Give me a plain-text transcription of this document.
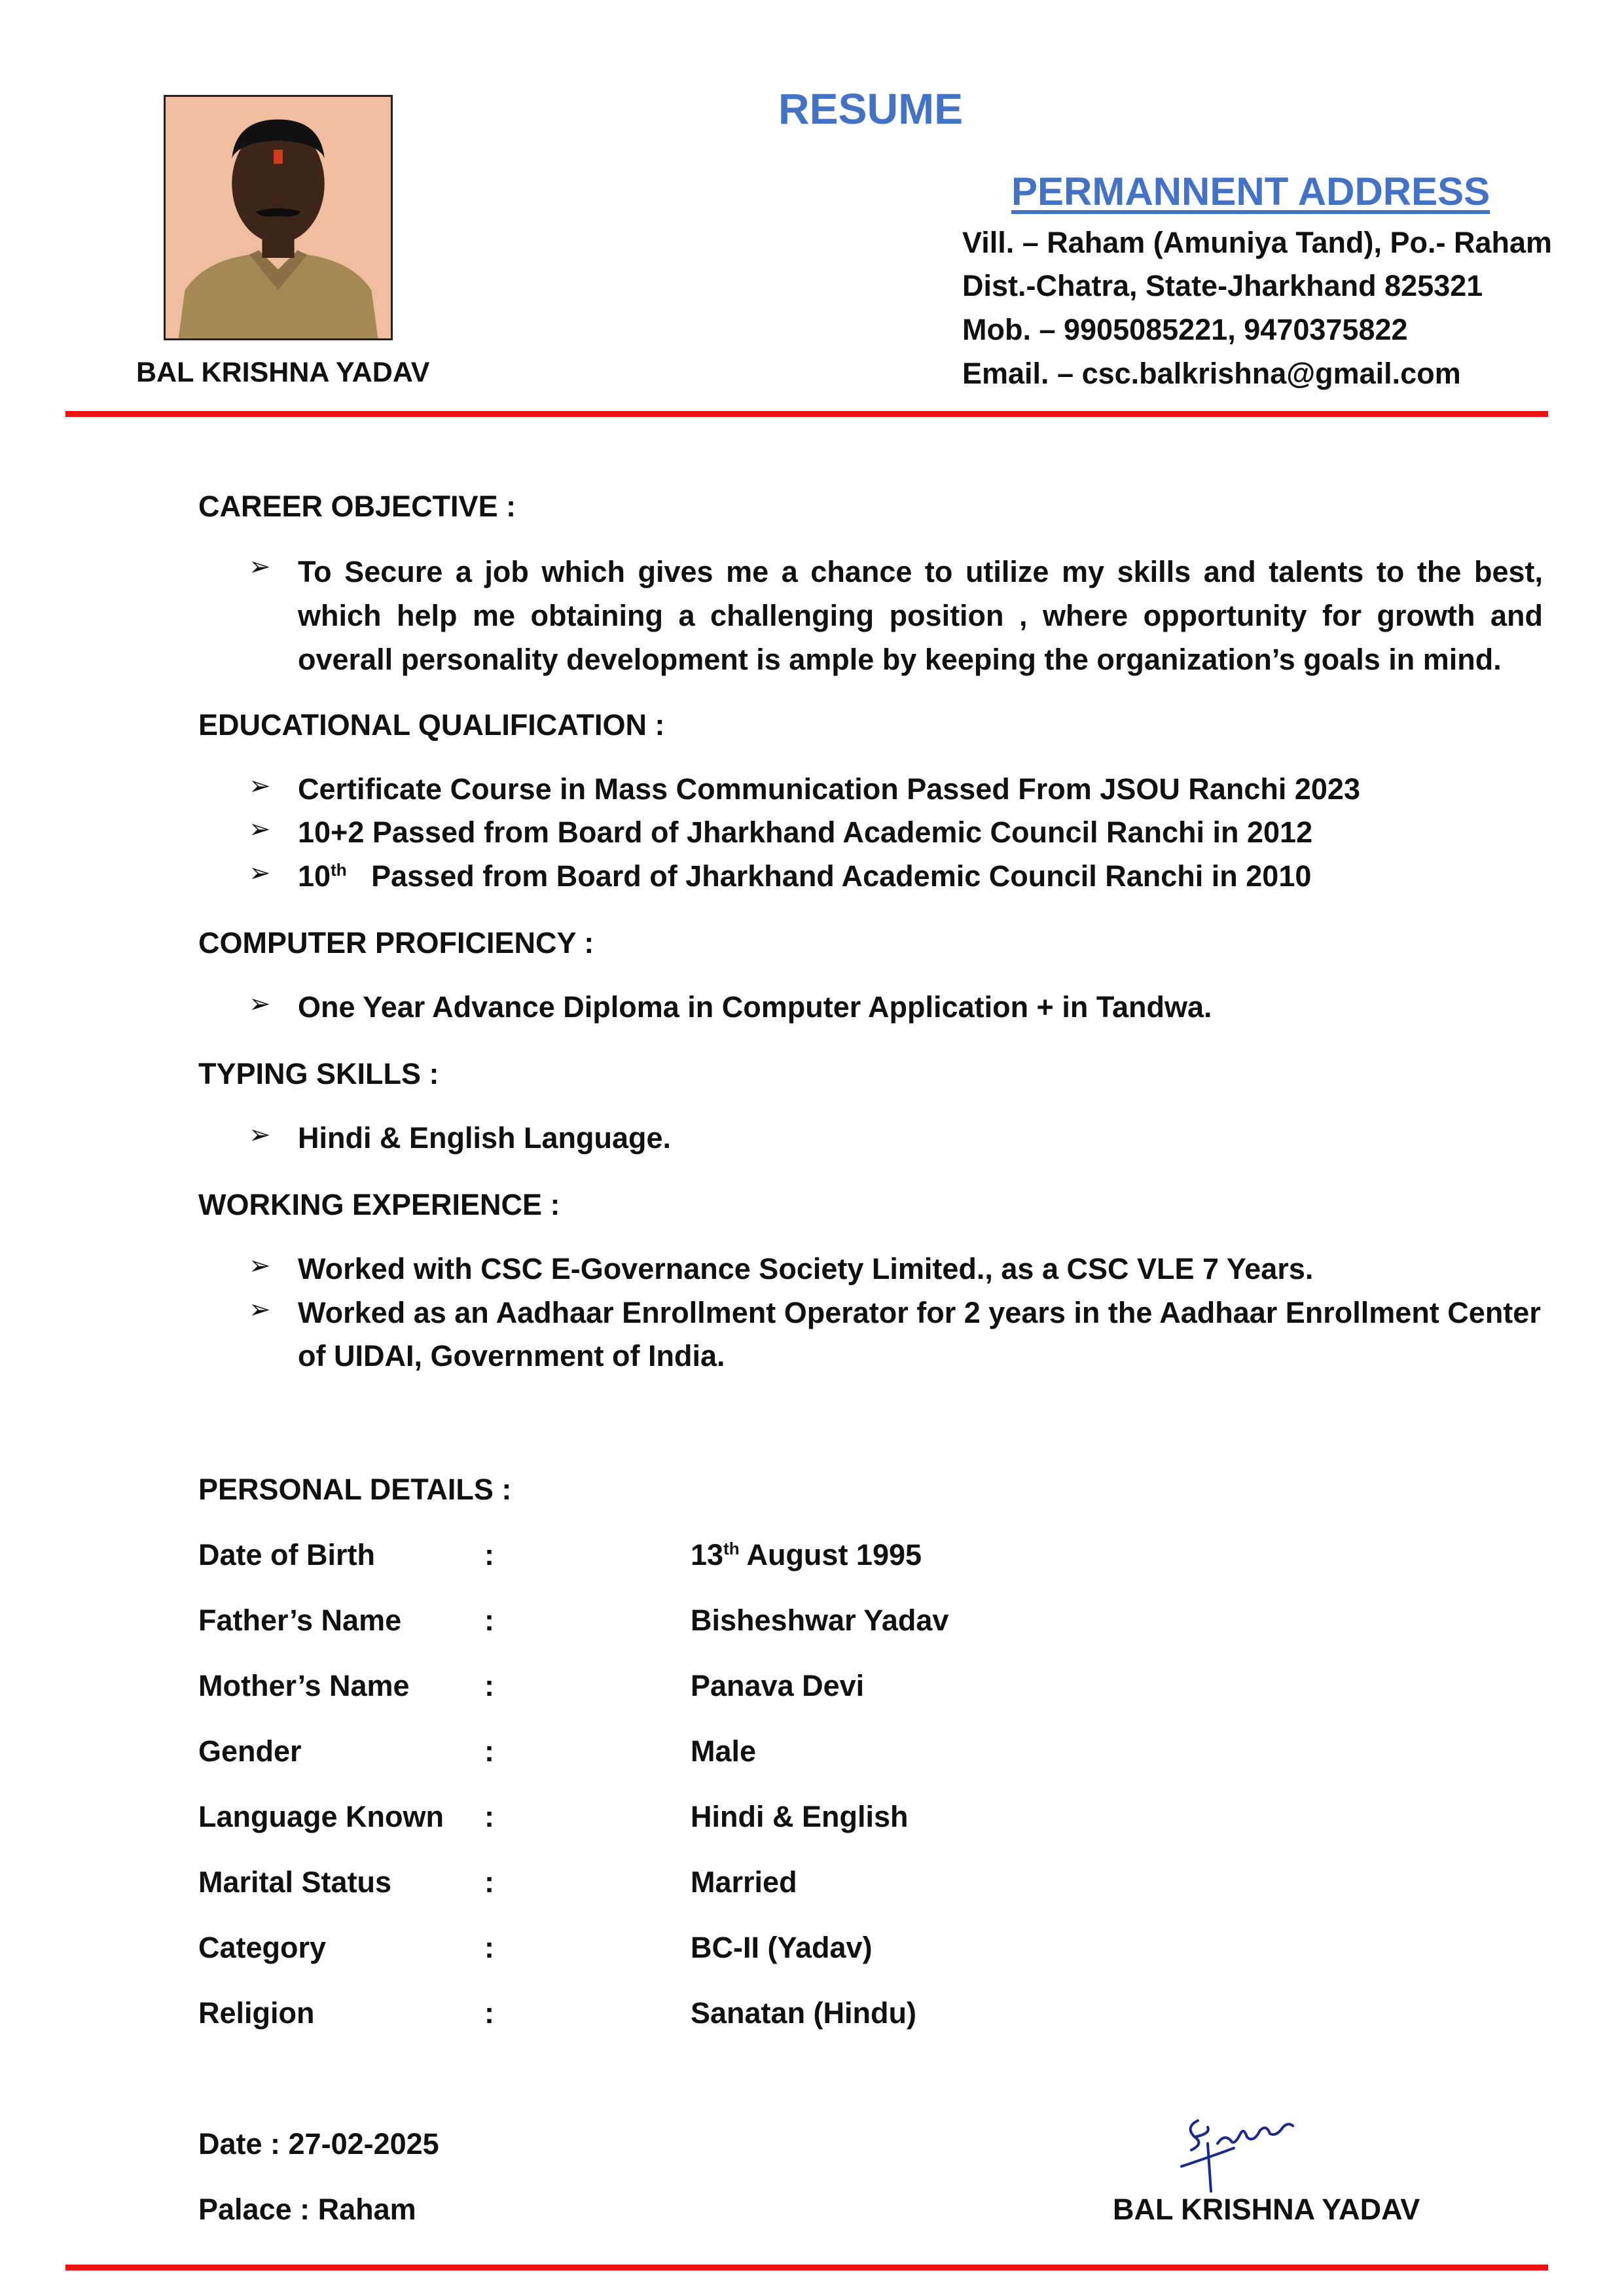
RESUME
PERMANNENT ADDRESS
Vill. – Raham (Amuniya Tand), Po.- Raham
Dist.-Chatra, State-Jharkhand 825321
Mob. – 9905085221, 9470375822
Email. – csc.balkrishna@gmail.com
BAL KRISHNA YADAV
CAREER OBJECTIVE :
➢ To Secure a job which gives me a chance to utilize my skills and talents to the best, which help me obtaining a challenging position , where opportunity for growth and overall personality development is ample by keeping the organization’s goals in mind.
EDUCATIONAL QUALIFICATION :
➢ Certificate Course in Mass Communication Passed From JSOU Ranchi 2023
➢ 10+2 Passed from Board of Jharkhand Academic Council Ranchi in 2012
➢ 10th Passed from Board of Jharkhand Academic Council Ranchi in 2010
COMPUTER PROFICIENCY :
➢ One Year Advance Diploma in Computer Application + in Tandwa.
TYPING SKILLS :
➢ Hindi & English Language.
WORKING EXPERIENCE :
➢ Worked with CSC E-Governance Society Limited., as a CSC VLE 7 Years.
➢ Worked as an Aadhaar Enrollment Operator for 2 years in the Aadhaar Enrollment Center
of UIDAI, Government of India.
PERSONAL DETAILS :
Date of Birth	:	13th August 1995
Father’s Name	:	Bisheshwar Yadav
Mother’s Name	:	Panava Devi
Gender	:	Male
Language Known :	Hindi & English
Marital Status	:	Married
Category	:	BC-II (Yadav)
Religion	:	Sanatan (Hindu)
Date : 27-02-2025
Palace : Raham	BAL KRISHNA YADAV
